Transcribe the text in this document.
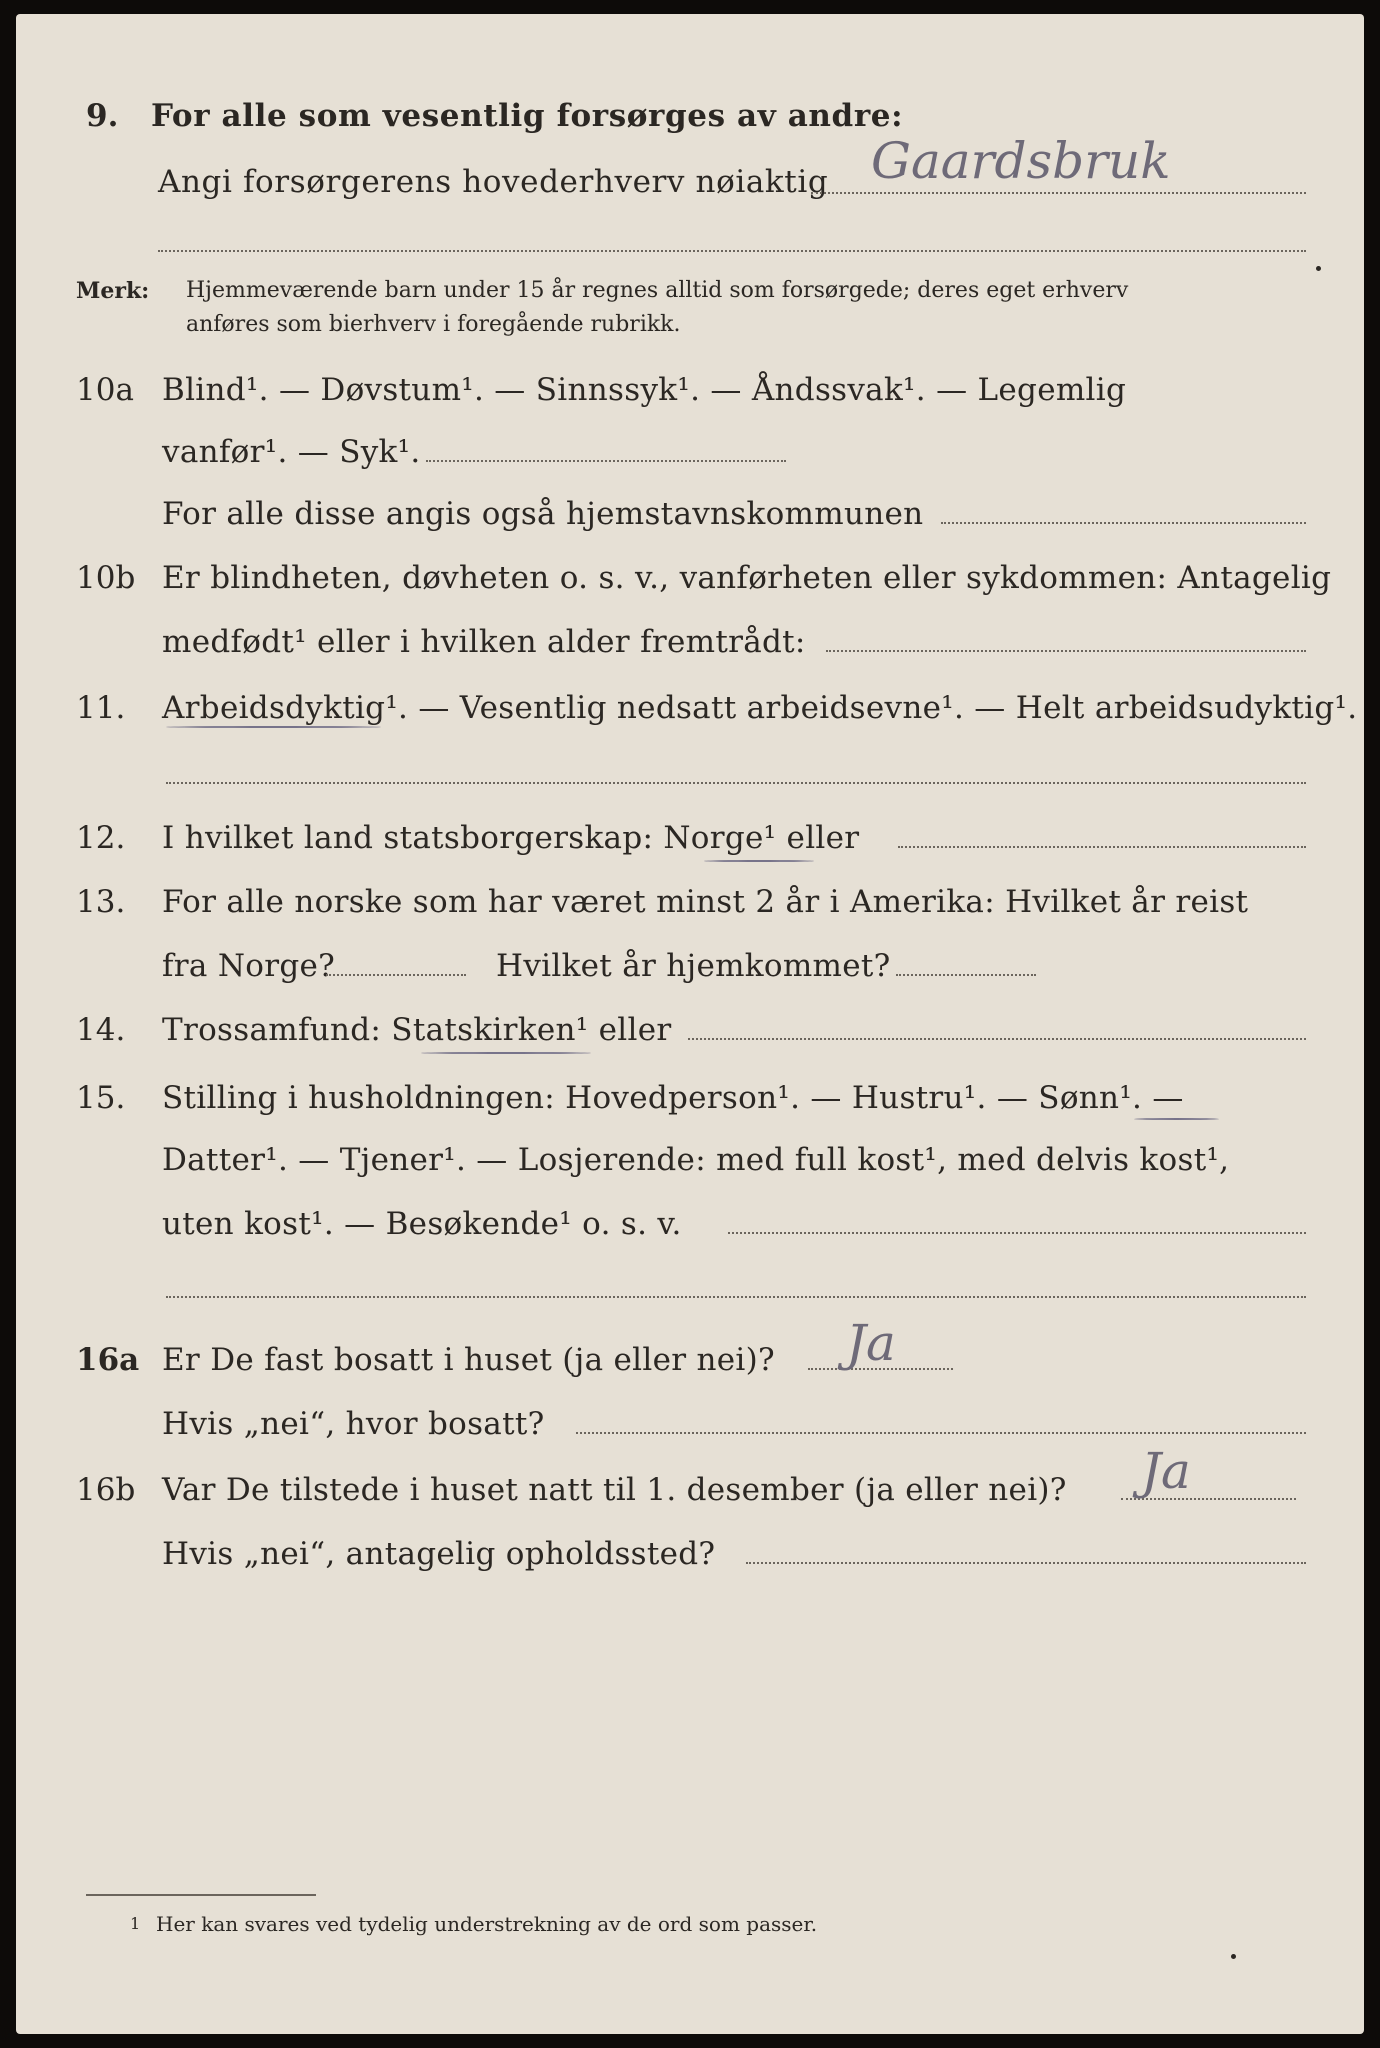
9. For alle som vesentlig forsørges av andre:
Angi forsørgerens hovederhverv nøiaktig Gaardsbruk
Merk: Hjemmeværende barn under 15 år regnes alltid som forsørgede; deres eget erhverv
anføres som bierhverv i foregående rubrikk.
10a Blind¹. — Døvstum¹. — Sinnssyk¹. — Åndssvak¹. — Legemlig
vanfør¹. — Syk¹.
For alle disse angis også hjemstavnskommunen
10b Er blindheten, døvheten o. s. v., vanførheten eller sykdommen: Antagelig
medfødt¹ eller i hvilken alder fremtrådt:
11. Arbeidsdyktig¹. — Vesentlig nedsatt arbeidsevne¹. — Helt arbeidsudyktig¹.
12. I hvilket land statsborgerskap: Norge¹ eller
13. For alle norske som har været minst 2 år i Amerika: Hvilket år reist
fra Norge?	Hvilket år hjemkommet?
14. Trossamfund: Statskirken¹ eller
15. Stilling i husholdningen: Hovedperson¹. — Hustru¹. — Sønn¹. —
Datter¹. — Tjener¹. — Losjerende: med full kost¹, med delvis kost¹,
uten kost¹. — Besøkende¹ o. s. v.
16a Er De fast bosatt i huset (ja eller nei)? Ja
Hvis „nei“, hvor bosatt?
16b Var De tilstede i huset natt til 1. desember (ja eller nei)? Ja
Hvis „nei“, antagelig opholdssted?
1 Her kan svares ved tydelig understrekning av de ord som passer.
